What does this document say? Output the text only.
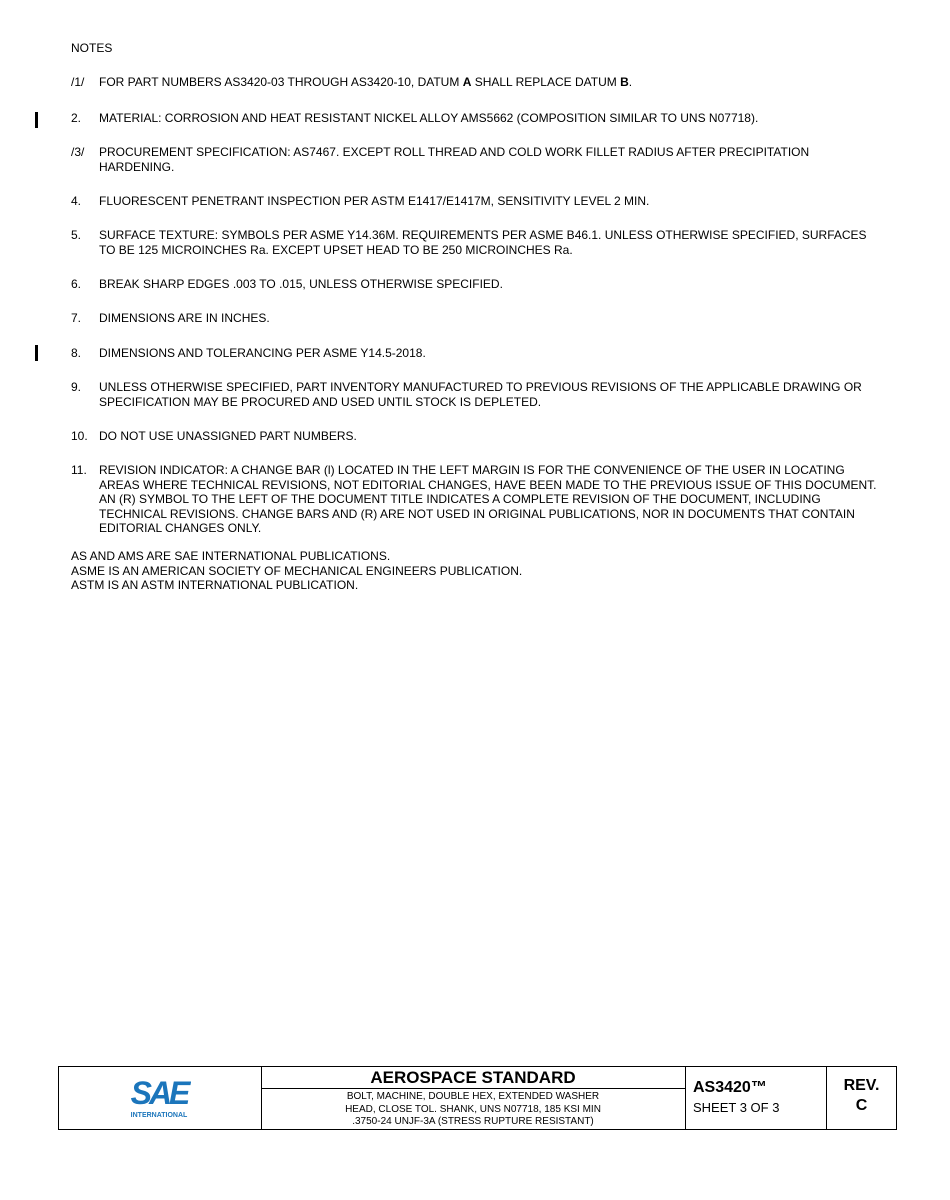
NOTES
/1/ FOR PART NUMBERS AS3420-03 THROUGH AS3420-10, DATUM A SHALL REPLACE DATUM B.
2. MATERIAL: CORROSION AND HEAT RESISTANT NICKEL ALLOY AMS5662 (COMPOSITION SIMILAR TO UNS N07718).
/3/ PROCUREMENT SPECIFICATION: AS7467. EXCEPT ROLL THREAD AND COLD WORK FILLET RADIUS AFTER PRECIPITATION HARDENING.
4. FLUORESCENT PENETRANT INSPECTION PER ASTM E1417/E1417M, SENSITIVITY LEVEL 2 MIN.
5. SURFACE TEXTURE: SYMBOLS PER ASME Y14.36M. REQUIREMENTS PER ASME B46.1. UNLESS OTHERWISE SPECIFIED, SURFACES TO BE 125 MICROINCHES Ra. EXCEPT UPSET HEAD TO BE 250 MICROINCHES Ra.
6. BREAK SHARP EDGES .003 TO .015, UNLESS OTHERWISE SPECIFIED.
7. DIMENSIONS ARE IN INCHES.
8. DIMENSIONS AND TOLERANCING PER ASME Y14.5-2018.
9. UNLESS OTHERWISE SPECIFIED, PART INVENTORY MANUFACTURED TO PREVIOUS REVISIONS OF THE APPLICABLE DRAWING OR SPECIFICATION MAY BE PROCURED AND USED UNTIL STOCK IS DEPLETED.
10. DO NOT USE UNASSIGNED PART NUMBERS.
11. REVISION INDICATOR: A CHANGE BAR (l) LOCATED IN THE LEFT MARGIN IS FOR THE CONVENIENCE OF THE USER IN LOCATING AREAS WHERE TECHNICAL REVISIONS, NOT EDITORIAL CHANGES, HAVE BEEN MADE TO THE PREVIOUS ISSUE OF THIS DOCUMENT. AN (R) SYMBOL TO THE LEFT OF THE DOCUMENT TITLE INDICATES A COMPLETE REVISION OF THE DOCUMENT, INCLUDING TECHNICAL REVISIONS. CHANGE BARS AND (R) ARE NOT USED IN ORIGINAL PUBLICATIONS, NOR IN DOCUMENTS THAT CONTAIN EDITORIAL CHANGES ONLY.
AS AND AMS ARE SAE INTERNATIONAL PUBLICATIONS.
ASME IS AN AMERICAN SOCIETY OF MECHANICAL ENGINEERS PUBLICATION.
ASTM IS AN ASTM INTERNATIONAL PUBLICATION.
SAE
INTERNATIONAL
AEROSPACE STANDARD
BOLT, MACHINE, DOUBLE HEX, EXTENDED WASHER
HEAD, CLOSE TOL. SHANK, UNS N07718, 185 KSI MIN
.3750-24 UNJF-3A (STRESS RUPTURE RESISTANT)
AS3420™
SHEET 3 OF 3
REV.
C
